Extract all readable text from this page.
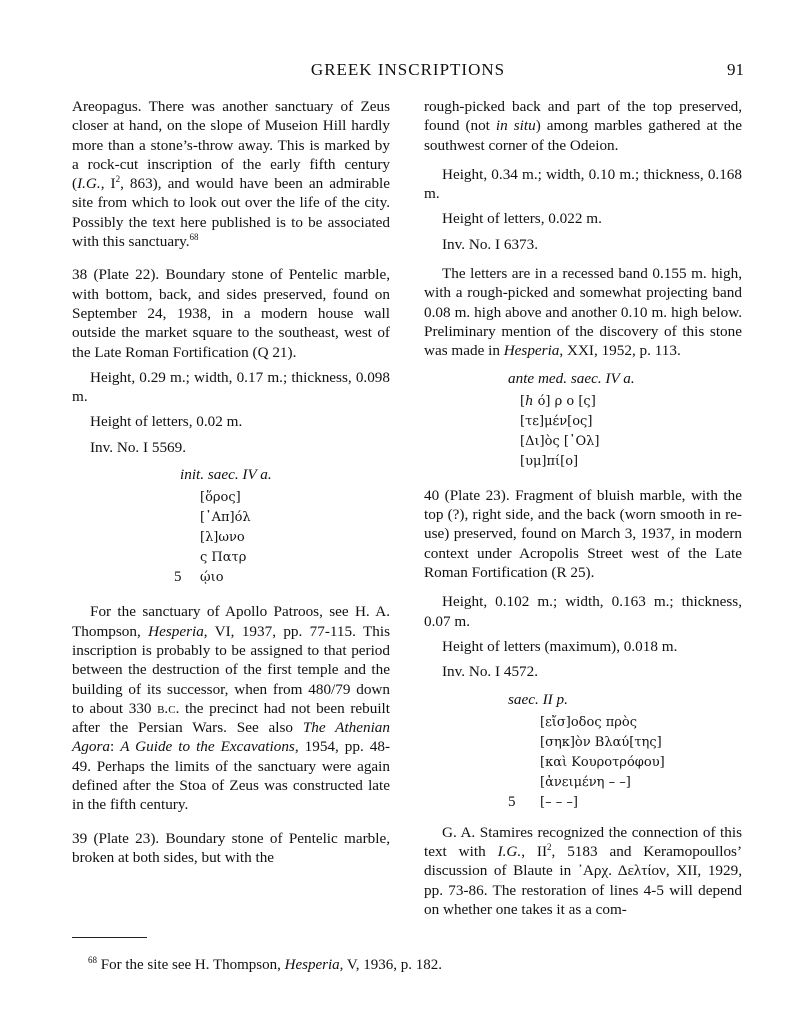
GREEK INSCRIPTIONS	91

Areopagus. There was another sanctuary of Zeus closer at hand, on the slope of Museion Hill hardly more than a stone’s-throw away. This is marked by a rock-cut inscription of the early fifth century (I.G., $I^2$, 863), and would have been an admirable site from which to look out over the life of the city. Possibly the text here published is to be associated with this sanctuary.$^{68}$

38 (Plate 22). Boundary stone of Pentelic marble, with bottom, back, and sides preserved, found on September 24, 1938, in a modern house wall outside the market square to the southeast, west of the Late Roman Fortification (Q 21).

Height, 0.29 m.; width, 0.17 m.; thickness, 0.098 m.

Height of letters, 0.02 m.

Inv. No. I 5569.

init. saec. IV a.
[ὅρος]
[᾿Απ]όλ
[λ]ωνο
ς Πατρ
5 ῴιο

For the sanctuary of Apollo Patroos, see H. A. Thompson, Hesperia, VI, 1937, pp. 77-115. This inscription is probably to be assigned to that period between the destruction of the first temple and the building of its successor, when from 480/79 down to about 330 b.c. the precinct had not been rebuilt after the Persian Wars. See also The Athenian Agora: A Guide to the Excavations, 1954, pp. 48-49. Perhaps the limits of the sanctuary were again defined after the Stoa of Zeus was constructed late in the fifth century.

39 (Plate 23). Boundary stone of Pentelic marble, broken at both sides, but with the

rough-picked back and part of the top preserved, found (not in situ) among marbles gathered at the southwest corner of the Odeion.

Height, 0.34 m.; width, 0.10 m.; thickness, 0.168 m.

Height of letters, 0.022 m.

Inv. No. I 6373.

The letters are in a recessed band 0.155 m. high, with a rough-picked and somewhat projecting band 0.08 m. high above and another 0.10 m. high below. Preliminary mention of the discovery of this stone was made in Hesperia, XXI, 1952, p. 113.

ante med. saec. IV a.
[ℎ ό] ρ ο [ς]
[τε]μέν[ος]
[Δι]ὸς [᾿Ολ]
[υμ]πί[ο]

40 (Plate 23). Fragment of bluish marble, with the top (?), right side, and the back (worn smooth in re-use) preserved, found on March 3, 1937, in modern context under Acropolis Street west of the Late Roman Fortification (R 25).

Height, 0.102 m.; width, 0.163 m.; thickness, 0.07 m.

Height of letters (maximum), 0.018 m.

Inv. No. I 4572.

saec. II p.
[εἴσ]οδος πρὸς
[σηκ]ὸν Βλαύ[της]
[καὶ Κουροτρόφου]
[ἀνειμένη – –]
5 [– – –]

G. A. Stamires recognized the connection of this text with I.G., $II^2$, 5183 and Keramopoullos’ discussion of Blaute in ᾿Αρχ. Δελτίον, XII, 1929, pp. 73-86. The restoration of lines 4-5 will depend on whether one takes it as a com-

$^{68}$ For the site see H. Thompson, Hesperia, V, 1936, p. 182.
